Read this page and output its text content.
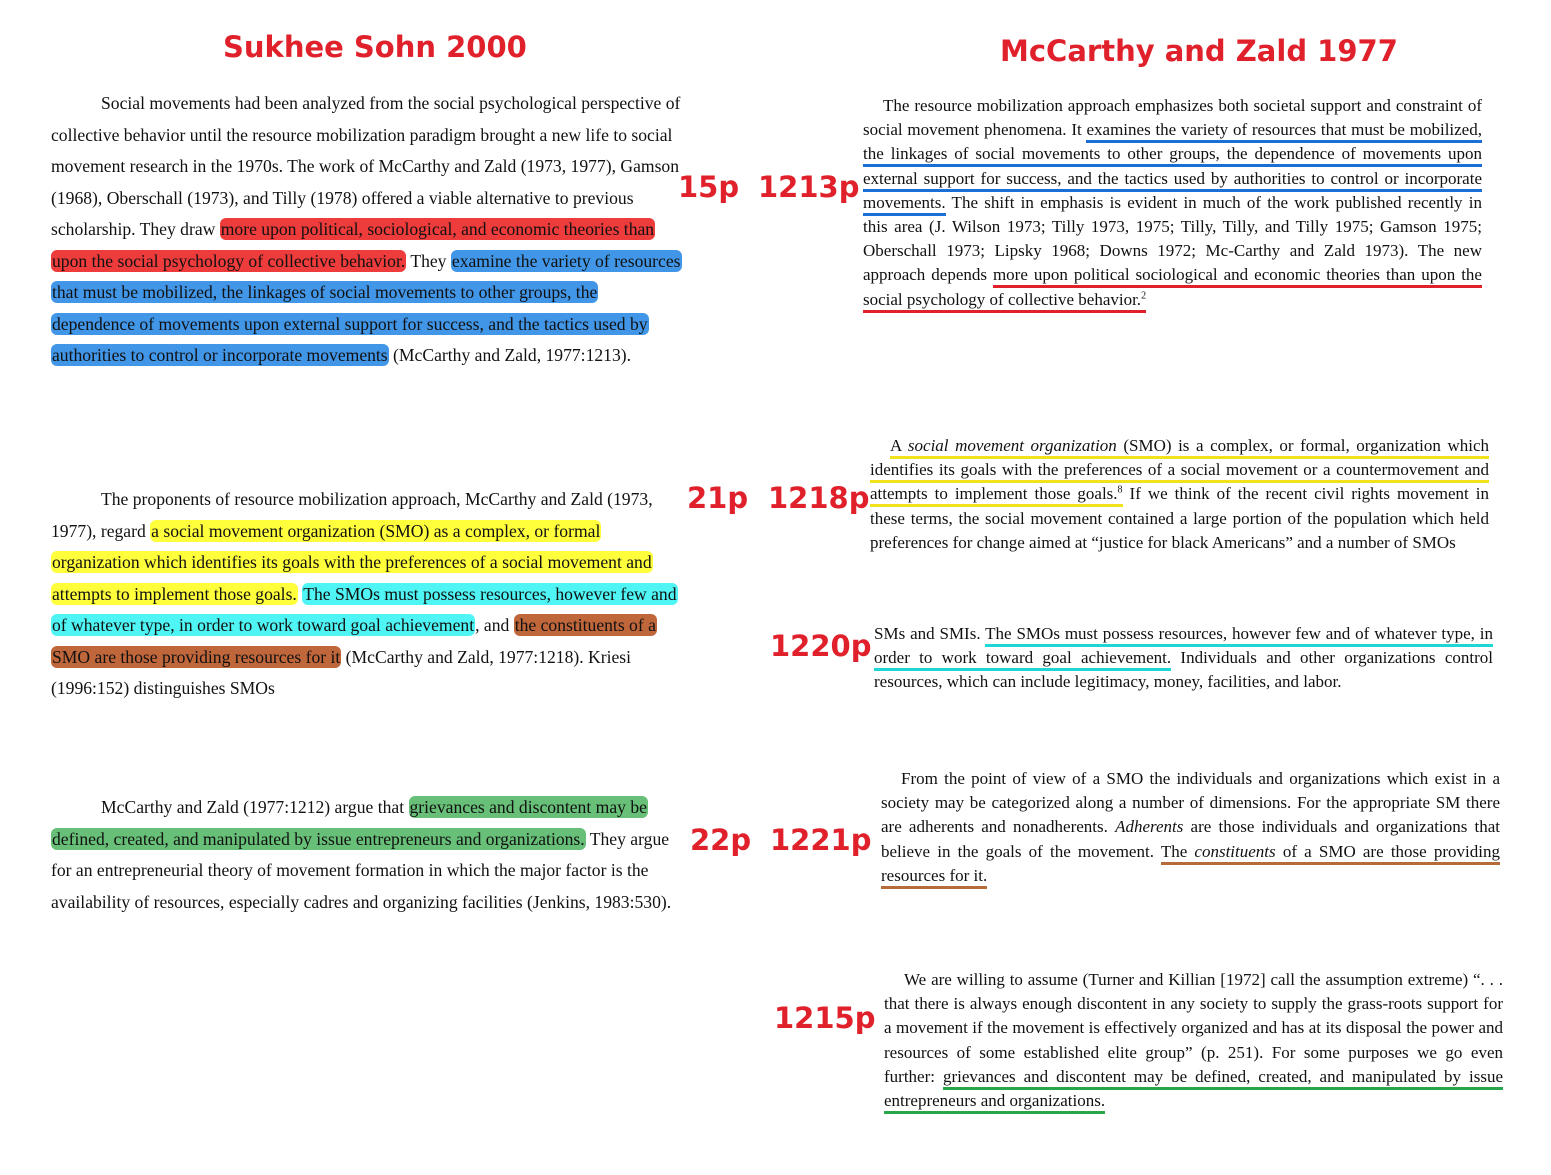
Sukhee Sohn 2000	McCarthy and Zald 1977
15p 1213p
21p 1218p
1220p
22p 1221p
1215p

Social movements had been analyzed from the social psychological perspective of collective behavior until the resource mobilization paradigm brought a new life to social movement research in the 1970s. The work of McCarthy and Zald (1973, 1977), Gamson (1968), Oberschall (1973), and Tilly (1978) offered a viable alternative to previous scholarship. They draw more upon political, sociological, and economic theories than upon the social psychology of collective behavior. They examine the variety of resources that must be mobilized, the linkages of social movements to other groups, the dependence of movements upon external support for success, and the tactics used by authorities to control or incorporate movements (McCarthy and Zald, 1977:1213).

The proponents of resource mobilization approach, McCarthy and Zald (1973, 1977), regard a social movement organization (SMO) as a complex, or formal organization which identifies its goals with the preferences of a social movement and attempts to implement those goals. The SMOs must possess resources, however few and of whatever type, in order to work toward goal achievement, and the constituents of a SMO are those providing resources for it (McCarthy and Zald, 1977:1218). Kriesi (1996:152) distinguishes SMOs

McCarthy and Zald (1977:1212) argue that grievances and discontent may be defined, created, and manipulated by issue entrepreneurs and organizations. They argue for an entrepreneurial theory of movement formation in which the major factor is the availability of resources, especially cadres and organizing facilities (Jenkins, 1983:530).

The resource mobilization approach emphasizes both societal support and constraint of social movement phenomena. It examines the variety of resources that must be mobilized, the linkages of social movements to other groups, the dependence of movements upon external support for success, and the tactics used by authorities to control or incorporate movements. The shift in emphasis is evident in much of the work published recently in this area (J. Wilson 1973; Tilly 1973, 1975; Tilly, Tilly, and Tilly 1975; Gamson 1975; Oberschall 1973; Lipsky 1968; Downs 1972; Mc-Carthy and Zald 1973). The new approach depends more upon political sociological and economic theories than upon the social psychology of collective behavior.$^2$

A social movement organization (SMO) is a complex, or formal, organization which identifies its goals with the preferences of a social movement or a countermovement and attempts to implement those goals.$^8$ If we think of the recent civil rights movement in these terms, the social movement contained a large portion of the population which held preferences for change aimed at “justice for black Americans” and a number of SMOs

SMs and SMIs. The SMOs must possess resources, however few and of whatever type, in order to work toward goal achievement. Individuals and other organizations control resources, which can include legitimacy, money, facilities, and labor.

From the point of view of a SMO the individuals and organizations which exist in a society may be categorized along a number of dimensions. For the appropriate SM there are adherents and nonadherents. Adherents are those individuals and organizations that believe in the goals of the movement. The constituents of a SMO are those providing resources for it.

We are willing to assume (Turner and Killian [1972] call the assumption extreme) “. . . that there is always enough discontent in any society to supply the grass-roots support for a movement if the movement is effectively organized and has at its disposal the power and resources of some established elite group” (p. 251). For some purposes we go even further: grievances and discontent may be defined, created, and manipulated by issue entrepreneurs and organizations.
